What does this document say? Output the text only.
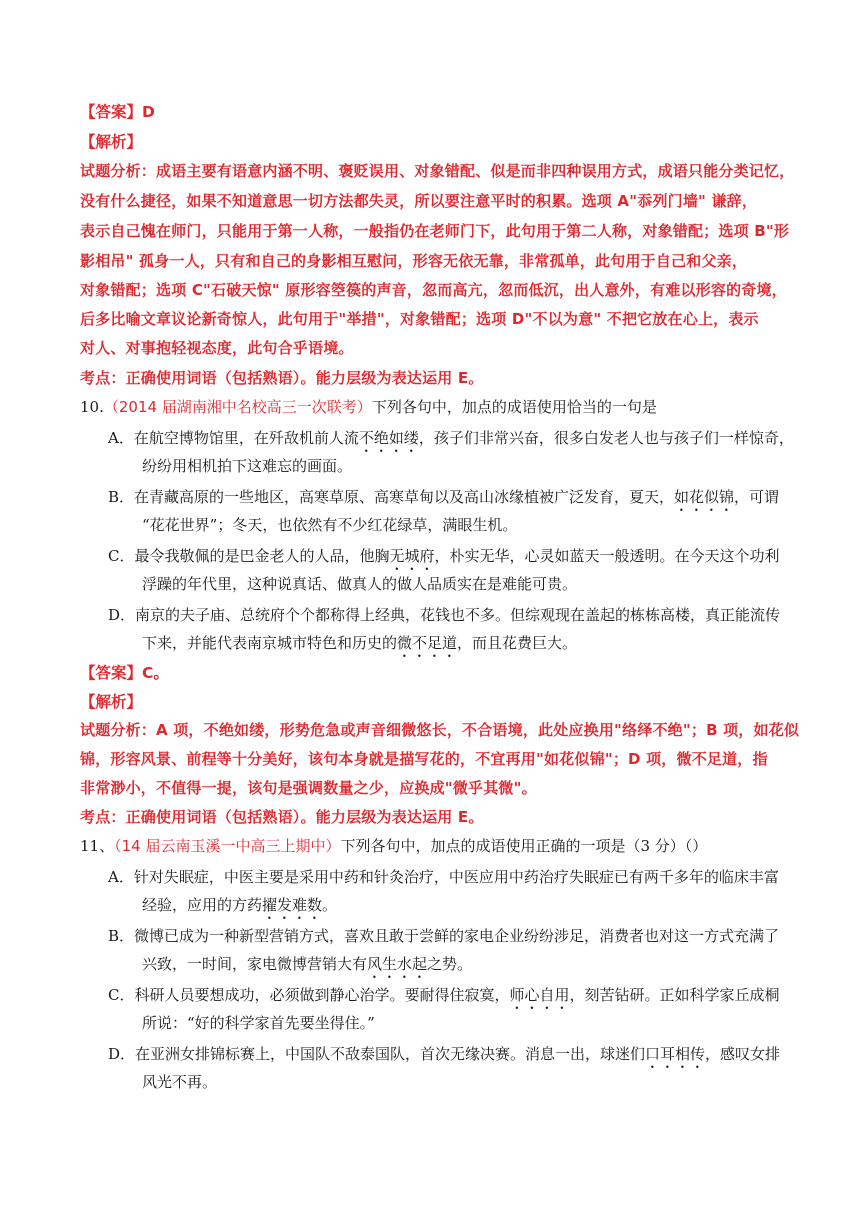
【答案】D
【解析】
试题分析：成语主要有语意内涵不明、褒贬误用、对象错配、似是而非四种误用方式，成语只能分类记忆，
没有什么捷径，如果不知道意思一切方法都失灵，所以要注意平时的积累。选项 A"忝列门墙" 谦辞，
表示自己愧在师门，只能用于第一人称，一般指仍在老师门下，此句用于第二人称，对象错配；选项 B"形
影相吊" 孤身一人，只有和自己的身影相互慰问，形容无依无靠，非常孤单，此句用于自己和父亲，
对象错配；选项 C"石破天惊" 原形容箜篌的声音，忽而高亢，忽而低沉，出人意外，有难以形容的奇境，
后多比喻文章议论新奇惊人，此句用于"举措"，对象错配；选项 D"不以为意" 不把它放在心上，表示
对人、对事抱轻视态度，此句合乎语境。
考点：正确使用词语（包括熟语）。能力层级为表达运用 E。
10.（2014 届湖南湘中名校高三一次联考）下列各句中，加点的成语使用恰当的一句是
A．在航空博物馆里，在歼敌机前人流不绝如缕，孩子们非常兴奋，很多白发老人也与孩子们一样惊奇，
纷纷用相机拍下这难忘的画面。
B．在青藏高原的一些地区，高寒草原、高寒草甸以及高山冰缘植被广泛发育，夏天，如花似锦，可谓
“花花世界”；冬天，也依然有不少红花绿草，满眼生机。
C．最令我敬佩的是巴金老人的人品，他胸无城府，朴实无华，心灵如蓝天一般透明。在今天这个功利
浮躁的年代里，这种说真话、做真人的做人品质实在是难能可贵。
D．南京的夫子庙、总统府个个都称得上经典，花钱也不多。但综观现在盖起的栋栋高楼，真正能流传
下来，并能代表南京城市特色和历史的微不足道，而且花费巨大。
【答案】C。
【解析】
试题分析：A 项，不绝如缕，形势危急或声音细微悠长，不合语境，此处应换用"络绎不绝"；B 项，如花似
锦，形容风景、前程等十分美好，该句本身就是描写花的，不宜再用"如花似锦"；D 项，微不足道，指
非常渺小，不值得一提，该句是强调数量之少，应换成"微乎其微"。
考点：正确使用词语（包括熟语）。能力层级为表达运用 E。
11、（14 届云南玉溪一中高三上期中）下列各句中，加点的成语使用正确的一项是（3 分）（）
A．针对失眠症，中医主要是采用中药和针灸治疗，中医应用中药治疗失眠症已有两千多年的临床丰富
经验，应用的方药擢发难数。
B．微博已成为一种新型营销方式，喜欢且敢于尝鲜的家电企业纷纷涉足，消费者也对这一方式充满了
兴致，一时间，家电微博营销大有风生水起之势。
C．科研人员要想成功，必须做到静心治学。要耐得住寂寞，师心自用，刻苦钻研。正如科学家丘成桐
所说：“好的科学家首先要坐得住。”
D．在亚洲女排锦标赛上，中国队不敌泰国队，首次无缘决赛。消息一出，球迷们口耳相传，感叹女排
风光不再。
